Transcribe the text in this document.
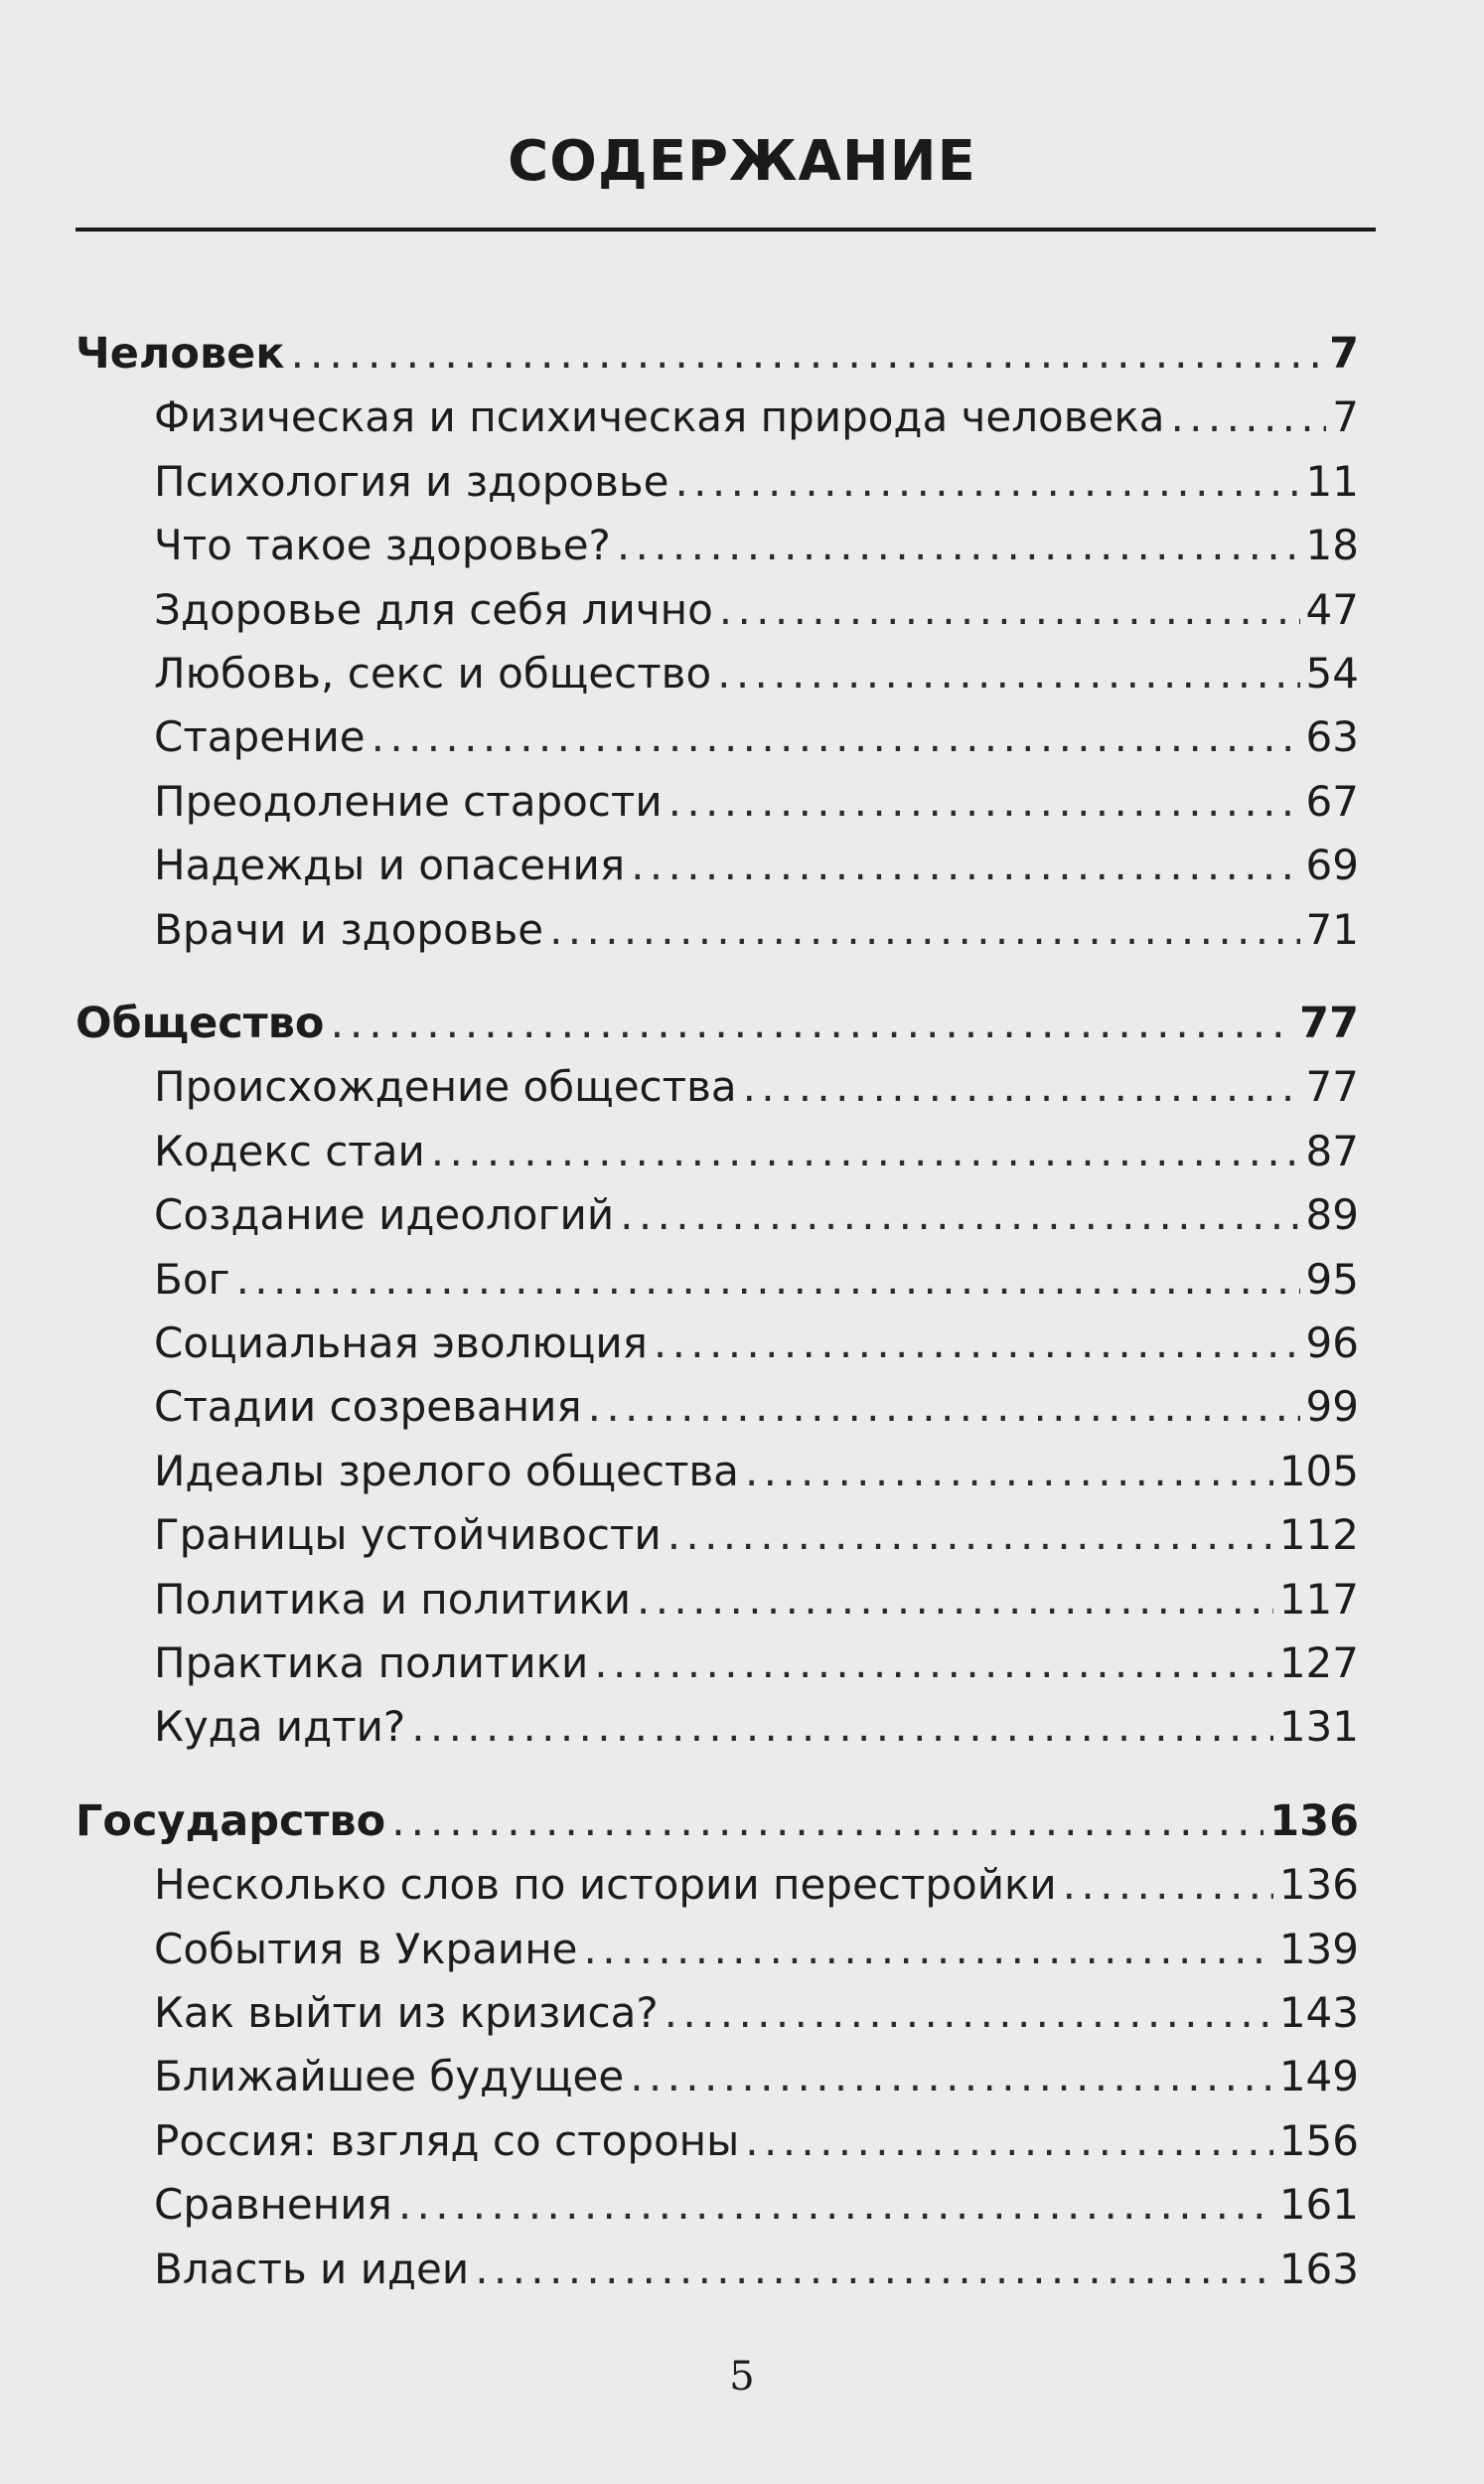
СОДЕРЖАНИЕ
Человек . . .	7
Физическая и психическая природа человека . . .	7
Психология и здоровье . . .	11
Что такое здоровье? . . .	18
Здоровье для себя лично . . .	47
Любовь, секс и общество . . .	54
Старение . . .	63
Преодоление старости . . .	67
Надежды и опасения . . .	69
Врачи и здоровье . . .	71
Общество . . .	77
Происхождение общества . . .	77
Кодекс стаи . . .	87
Создание идеологий . . .	89
Бог . . .	95
Социальная эволюция . . .	96
Стадии созревания . . .	99
Идеалы зрелого общества . . .	105
Границы устойчивости . . .	112
Политика и политики . . .	117
Практика политики . . .	127
Куда идти? . . .	131
Государство . . .	136
Несколько слов по истории перестройки . . .	136
События в Украине . . .	139
Как выйти из кризиса? . . .	143
Ближайшее будущее . . .	149
Россия: взгляд со стороны . . .	156
Сравнения . . .	161
Власть и идеи . . .	163
5
